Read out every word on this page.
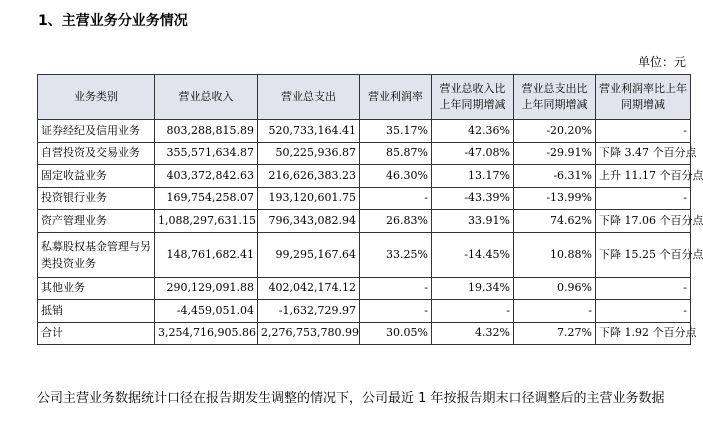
1、主营业务分业务情况
单位：元
业务类别	营业总收入	营业总支出	营业利润率	营业总收入比上年同期增减	营业总支出比上年同期增减	营业利润率比上年同期增减
证券经纪及信用业务	803,288,815.89	520,733,164.41	35.17%	42.36%	-20.20%	-
自营投资及交易业务	355,571,634.87	50,225,936.87	85.87%	-47.08%	-29.91%	下降 3.47 个百分点
固定收益业务	403,372,842.63	216,626,383.23	46.30%	13.17%	-6.31%	上升 11.17 个百分点
投资银行业务	169,754,258.07	193,120,601.75	-	-43.39%	-13.99%	-
资产管理业务	1,088,297,631.15	796,343,082.94	26.83%	33.91%	74.62%	下降 17.06 个百分点
私募股权基金管理与另类投资业务	148,761,682.41	99,295,167.64	33.25%	-14.45%	10.88%	下降 15.25 个百分点
其他业务	290,129,091.88	402,042,174.12	-	19.34%	0.96%	-
抵销	-4,459,051.04	-1,632,729.97	-	-	-	-
合计	3,254,716,905.86	2,276,753,780.99	30.05%	4.32%	7.27%	下降 1.92 个百分点
公司主营业务数据统计口径在报告期发生调整的情况下，公司最近 1 年按报告期末口径调整后的主营业务数据
